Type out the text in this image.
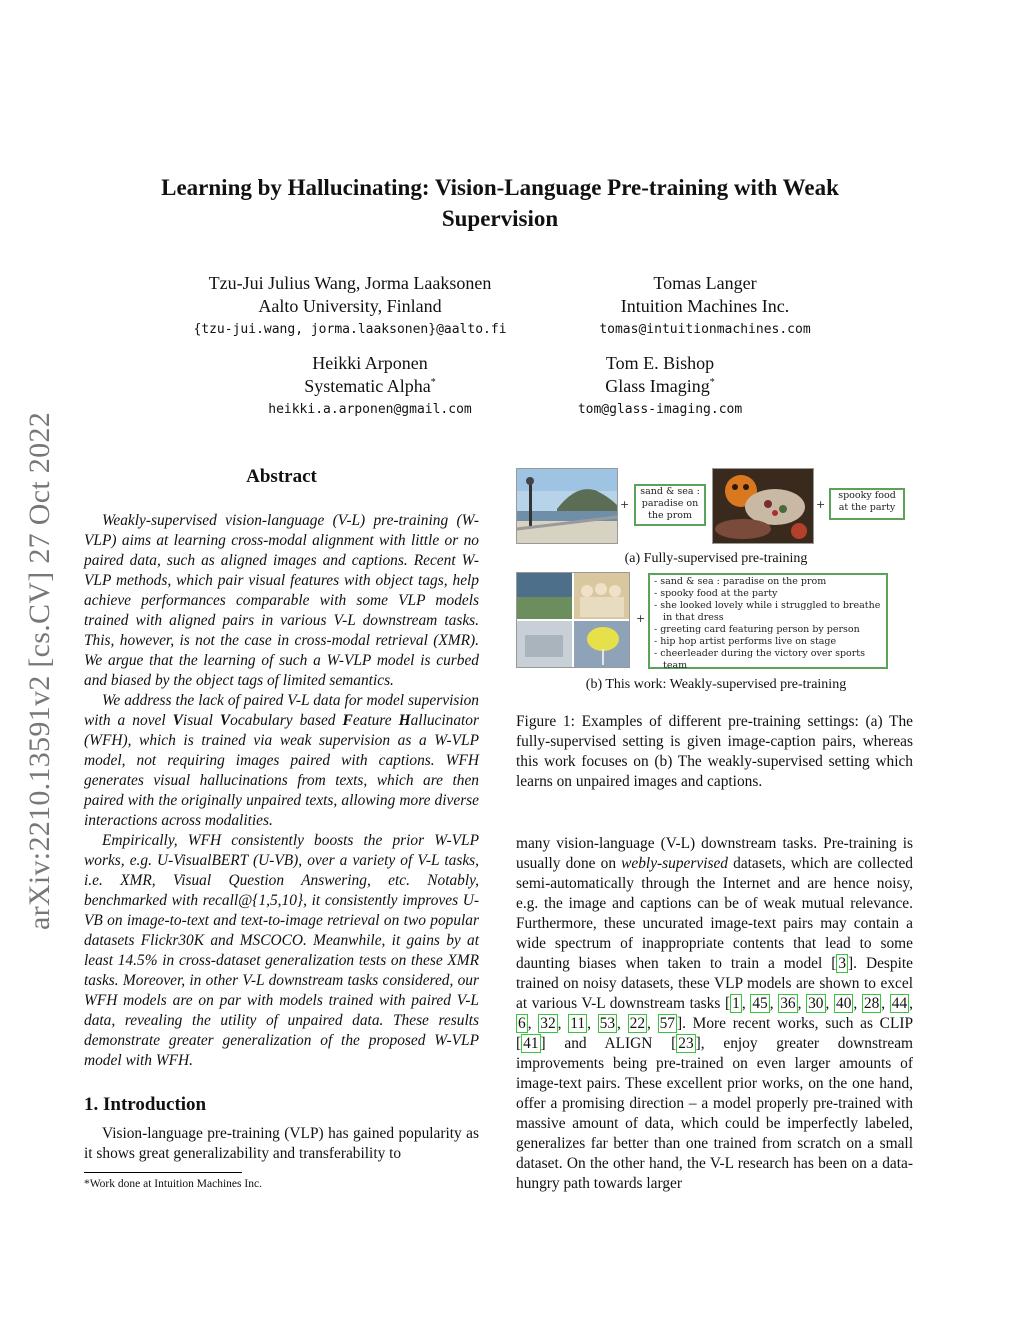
arXiv:2210.13591v2 [cs.CV] 27 Oct 2022
Learning by Hallucinating: Vision-Language Pre-training with Weak
Supervision
Tzu-Jui Julius Wang, Jorma Laaksonen
Aalto University, Finland
{tzu-jui.wang, jorma.laaksonen}@aalto.fi
Tomas Langer
Intuition Machines Inc.
tomas@intuitionmachines.com
Heikki Arponen
Systematic Alpha*
heikki.a.arponen@gmail.com
Tom E. Bishop
Glass Imaging*
tom@glass-imaging.com
Abstract

Weakly-supervised vision-language (V-L) pre-training (W-VLP) aims at learning cross-modal alignment with little or no paired data, such as aligned images and captions. Recent W-VLP methods, which pair visual features with object tags, help achieve performances comparable with some VLP models trained with aligned pairs in various V-L downstream tasks. This, however, is not the case in cross-modal retrieval (XMR). We argue that the learning of such a W-VLP model is curbed and biased by the object tags of limited semantics.

We address the lack of paired V-L data for model supervision with a novel Visual Vocabulary based Feature Hallucinator (WFH), which is trained via weak supervision as a W-VLP model, not requiring images paired with captions. WFH generates visual hallucinations from texts, which are then paired with the originally unpaired texts, allowing more diverse interactions across modalities.

Empirically, WFH consistently boosts the prior W-VLP works, e.g. U-VisualBERT (U-VB), over a variety of V-L tasks, i.e. XMR, Visual Question Answering, etc. Notably, benchmarked with recall@{1,5,10}, it consistently improves U-VB on image-to-text and text-to-image retrieval on two popular datasets Flickr30K and MSCOCO. Meanwhile, it gains by at least 14.5% in cross-dataset generalization tests on these XMR tasks. Moreover, in other V-L downstream tasks considered, our WFH models are on par with models trained with paired V-L data, revealing the utility of unpaired data. These results demonstrate greater generalization of the proposed W-VLP model with WFH.

1. Introduction

Vision-language pre-training (VLP) has gained popularity as it shows great generalizability and transferability to

*Work done at Intuition Machines Inc.
+
sand & sea : paradise on the prom
+
spooky food at the party
(a) Fully-supervised pre-training
+
- sand & sea : paradise on the prom
- spooky food at the party
- she looked lovely while i struggled to breathe
in that dress
- greeting card featuring person by person
- hip hop artist performs live on stage
- cheerleader during the victory over sports
team
(b) This work: Weakly-supervised pre-training

Figure 1: Examples of different pre-training settings: (a) The fully-supervised setting is given image-caption pairs, whereas this work focuses on (b) The weakly-supervised setting which learns on unpaired images and captions.

many vision-language (V-L) downstream tasks. Pre-training is usually done on webly-supervised datasets, which are collected semi-automatically through the Internet and are hence noisy, e.g. the image and captions can be of weak mutual relevance. Furthermore, these uncurated image-text pairs may contain a wide spectrum of inappropriate contents that lead to some daunting biases when taken to train a model [ 3 ]. Despite trained on noisy datasets, these VLP models are shown to excel at various V-L downstream tasks [ 1 , 45 , 36 , 30 , 40 , 28 , 44 , 6 , 32 , 11 , 53 , 22 , 57 ]. More recent works, such as CLIP [ 41 ] and ALIGN [ 23 ], enjoy greater downstream improvements being pre-trained on even larger amounts of image-text pairs. These excellent prior works, on the one hand, offer a promising direction – a model properly pre-trained with massive amount of data, which could be imperfectly labeled, generalizes far better than one trained from scratch on a small dataset. On the other hand, the V-L research has been on a data-hungry path towards larger
